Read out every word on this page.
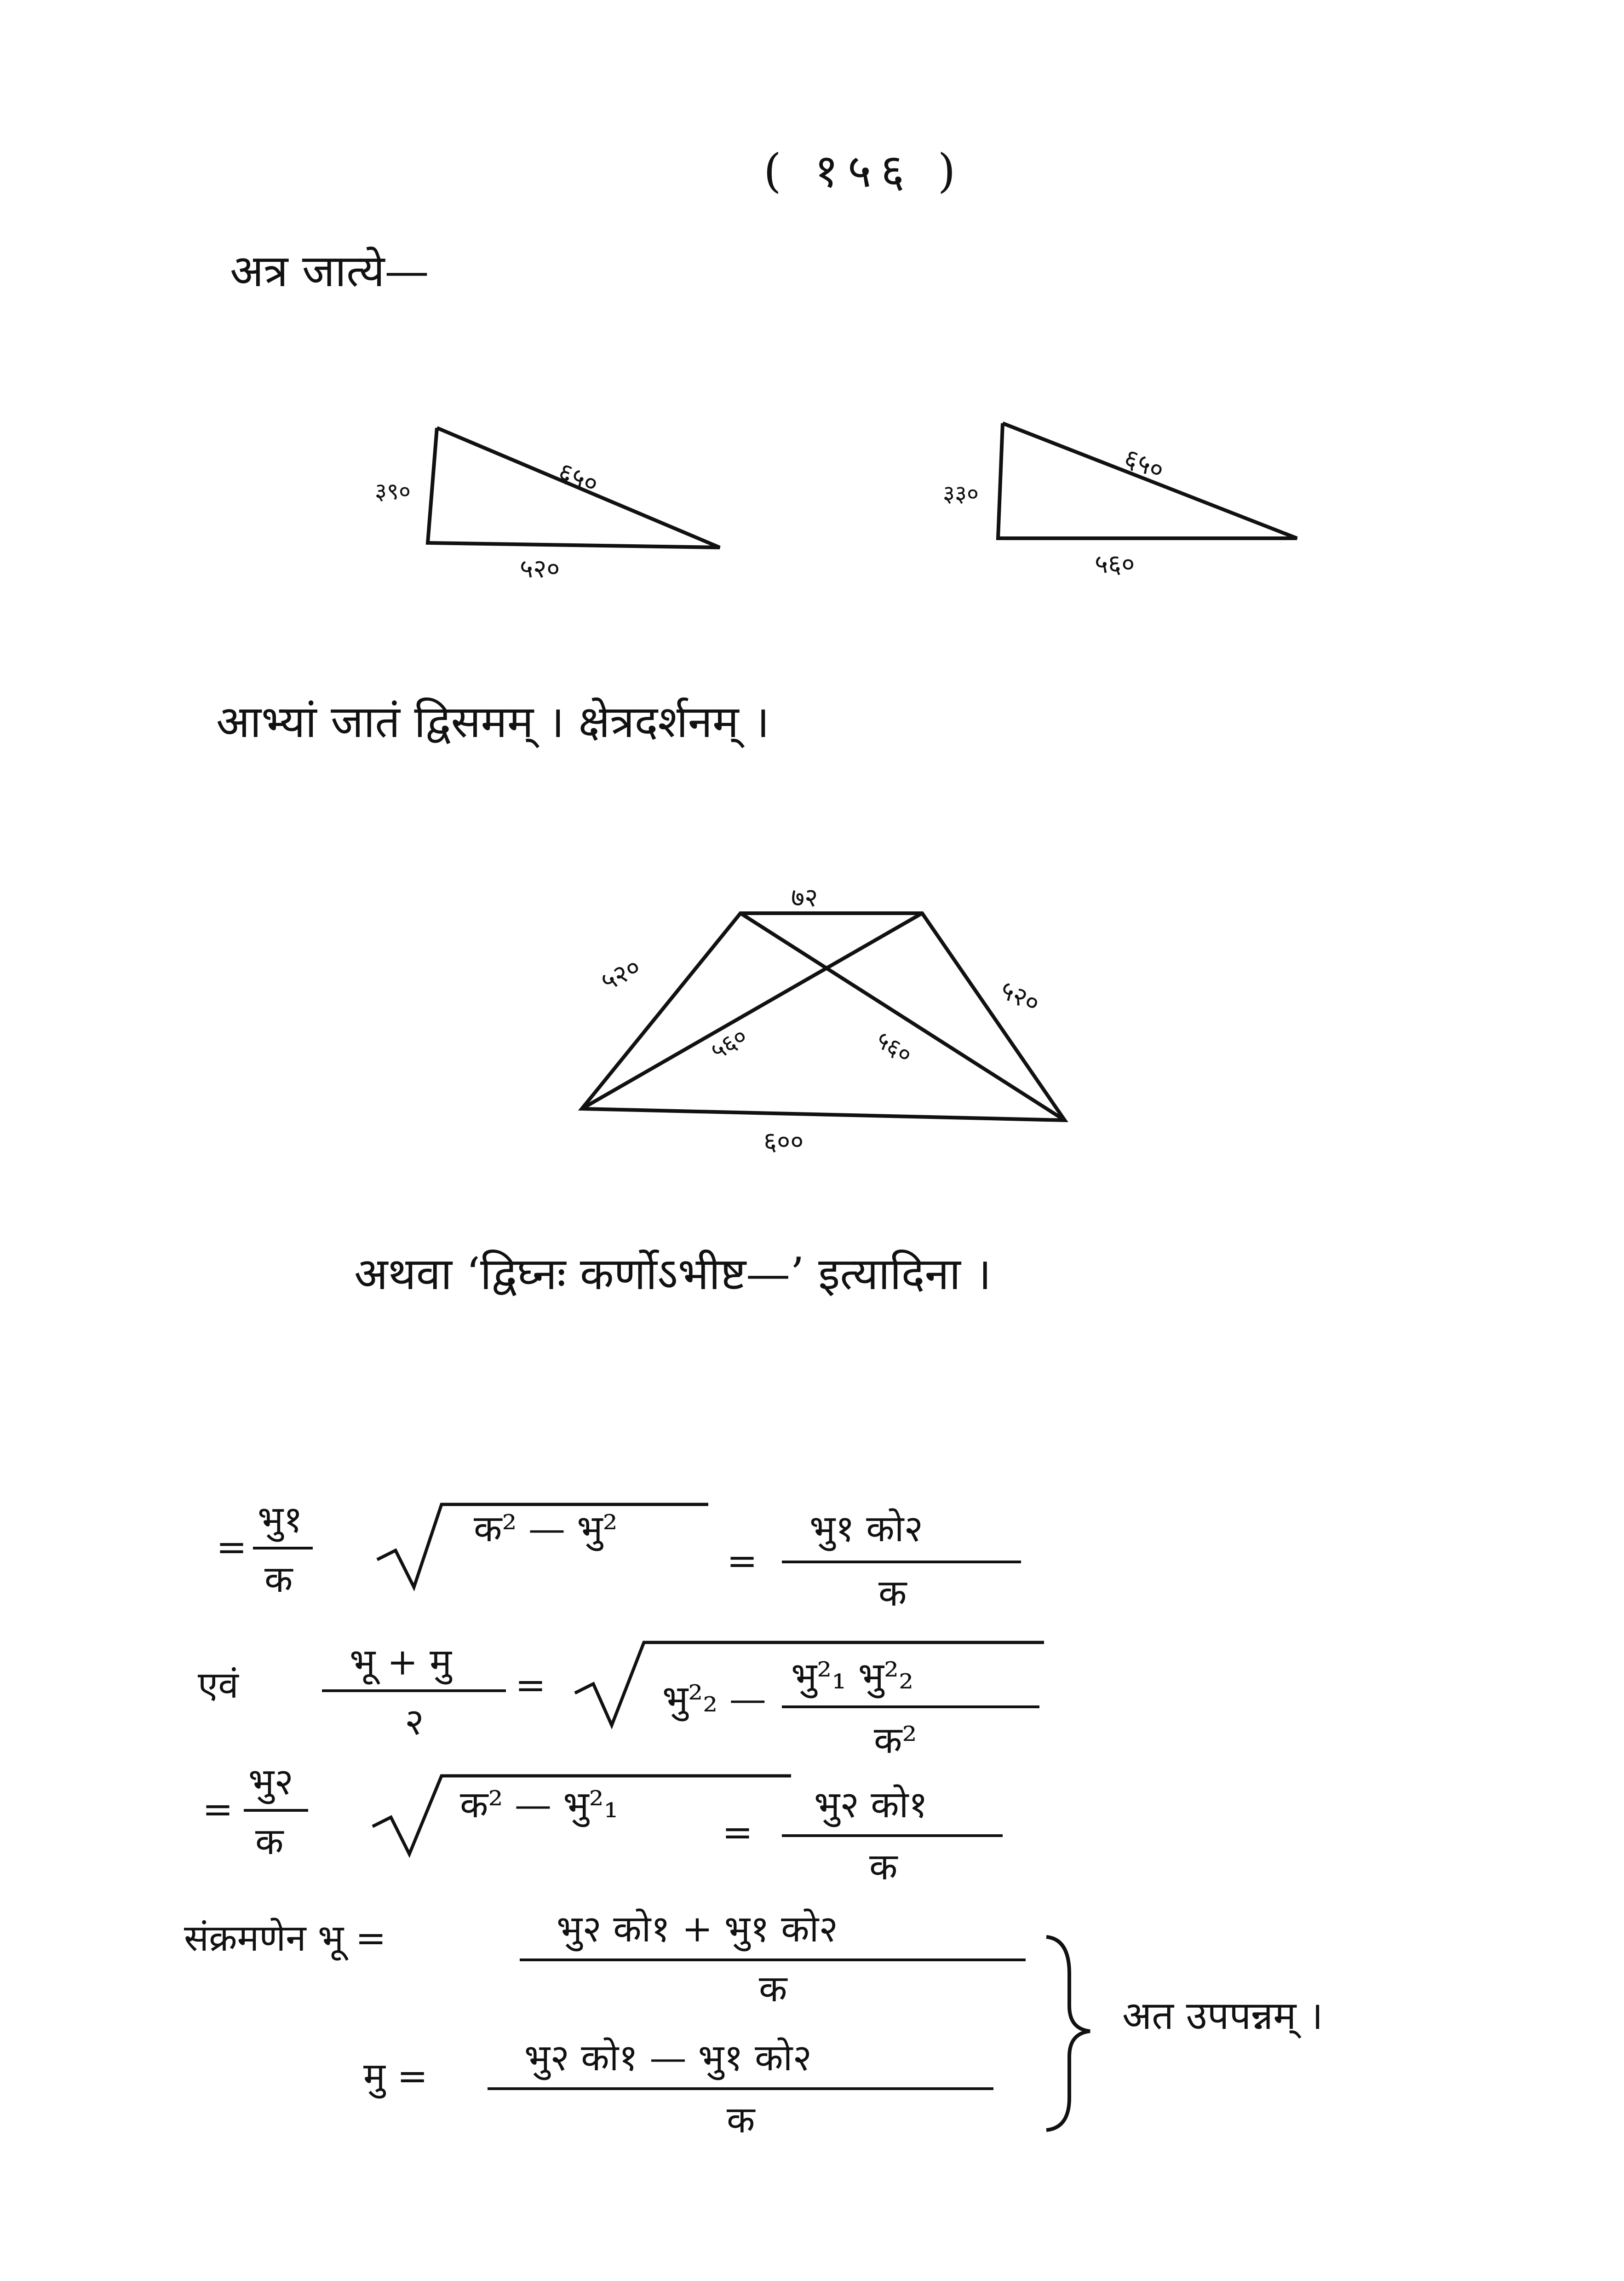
( १५६ )
अत्र जात्ये—
आभ्यां जातं द्विसमम् । क्षेत्रदर्शनम् ।
अथवा ‘द्विघ्नः कर्णोऽभीष्ट—’ इत्यादिना ।
६५०
३९०
५२०
६५०
३३०
५६०
७२
५२०	५२०
५६०	५६०
६००
=
भु१
क
क² — भु²
=
भु१ को२
क
एवं
भू + मु
२
=	भु²₂ —
भु²₁ भु²₂
क²
=
भु२
क
क² — भु²₁
=
भु२ को१
क
संक्रमणेन भू =	भु२ को१ + भु१ को२
क
मु =	भु२ को१ — भु१ को२
क
अत उपपन्नम् ।
